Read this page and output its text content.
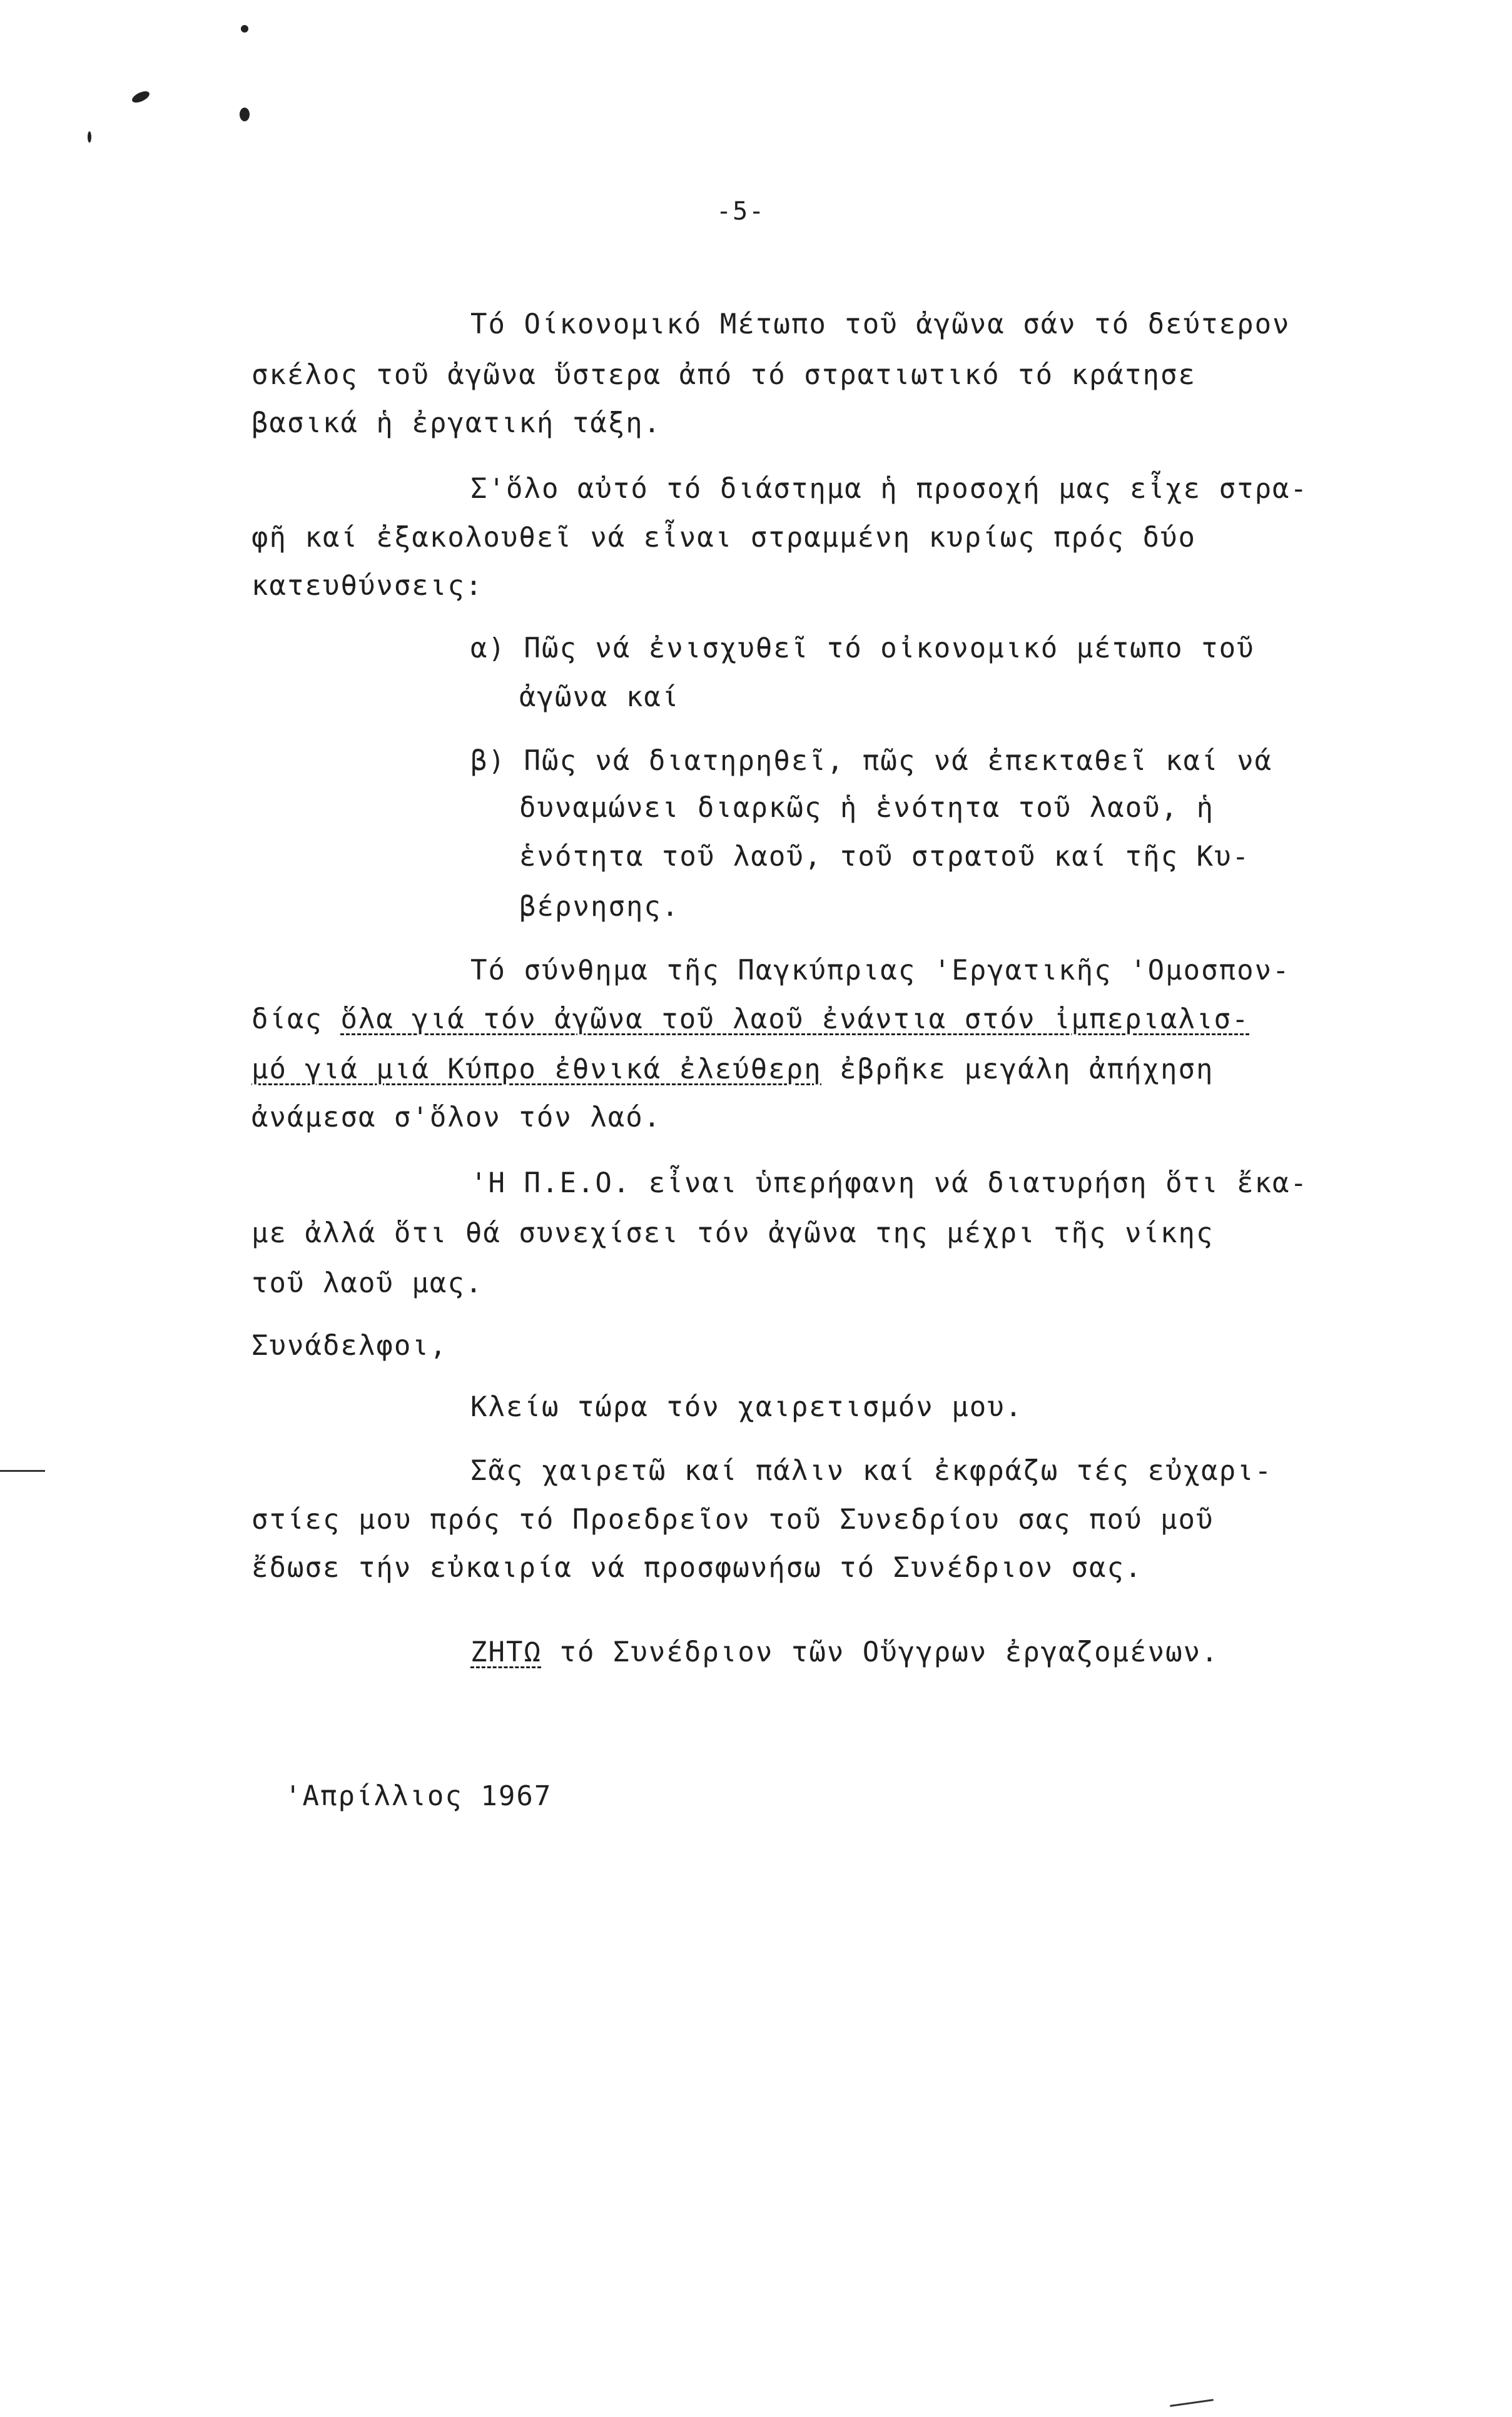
-5-
Τό Οίκονομικό Μέτωπο τοῦ ἀγῶνα σάν τό δεύτερον
σκέλος τοῦ ἀγῶνα ὕστερα ἀπό τό στρατιωτικό τό κράτησε
βασικά ἡ ἐργατική τάξη.
Σ'ὅλο αὐτό τό διάστημα ἡ προσοχή μας εἶχε στρα-
φῆ καί ἐξακολουθεῖ νά εἶναι στραμμένη κυρίως πρός δύο
κατευθύνσεις:
α) Πῶς νά ἐνισχυθεῖ τό οἰκονομικό μέτωπο τοῦ
ἀγῶνα καί
β) Πῶς νά διατηρηθεῖ, πῶς νά ἐπεκταθεῖ καί νά
δυναμώνει διαρκῶς ἡ ἑνότητα τοῦ λαοῦ, ἡ
ἑνότητα τοῦ λαοῦ, τοῦ στρατοῦ καί τῆς Κυ-
βέρνησης.
Τό σύνθημα τῆς Παγκύπριας 'Εργατικῆς 'Ομοσπον-
δίας ὅλα γιά τόν ἀγῶνα τοῦ λαοῦ ἐνάντια στόν ἰμπεριαλισ-
μό γιά μιά Κύπρο ἐθνικά ἐλεύθερη ἐβρῆκε μεγάλη ἀπήχηση
ἀνάμεσα σ'ὅλον τόν λαό.
'Η Π.Ε.Ο. εἶναι ὑπερήφανη νά διατυρήση ὅτι ἔκα-
με ἀλλά ὅτι θά συνεχίσει τόν ἀγῶνα της μέχρι τῆς νίκης
τοῦ λαοῦ μας.
Συνάδελφοι,
Κλείω τώρα τόν χαιρετισμόν μου.
Σᾶς χαιρετῶ καί πάλιν καί ἐκφράζω τές εὐχαρι-
στίες μου πρός τό Προεδρεῖον τοῦ Συνεδρίου σας πού μοῦ
ἔδωσε τήν εὐκαιρία νά προσφωνήσω τό Συνέδριον σας.
ΖΗΤΩ τό Συνέδριον τῶν Οὕγγρων ἐργαζομένων.
'Απρίλλιος 1967
